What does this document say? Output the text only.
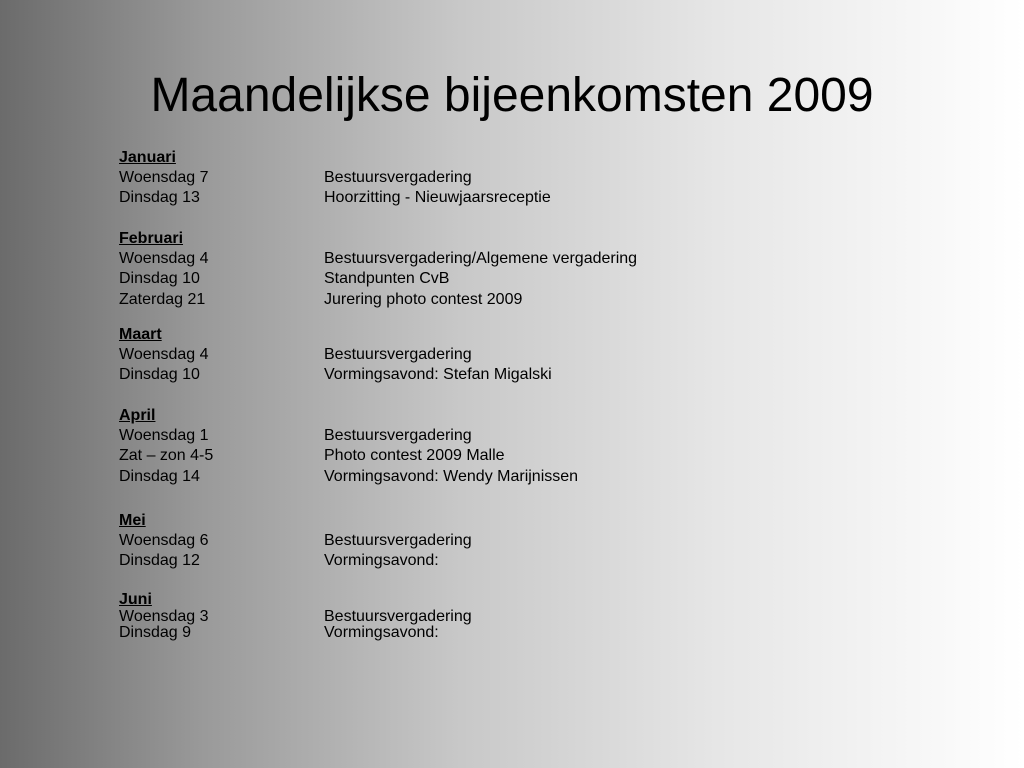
Maandelijkse bijeenkomsten 2009
Januari
Woensdag 7	Bestuursvergadering
Dinsdag 13	Hoorzitting - Nieuwjaarsreceptie
Februari
Woensdag 4	Bestuursvergadering/Algemene vergadering
Dinsdag 10	Standpunten CvB
Zaterdag 21	Jurering photo contest 2009
Maart
Woensdag 4	Bestuursvergadering
Dinsdag 10	Vormingsavond: Stefan Migalski
April
Woensdag 1	Bestuursvergadering
Zat – zon 4-5	Photo contest 2009 Malle
Dinsdag 14	Vormingsavond: Wendy Marijnissen
Mei
Woensdag 6	Bestuursvergadering
Dinsdag 12	Vormingsavond:
Juni
Woensdag 3	Bestuursvergadering
Dinsdag 9	Vormingsavond:
